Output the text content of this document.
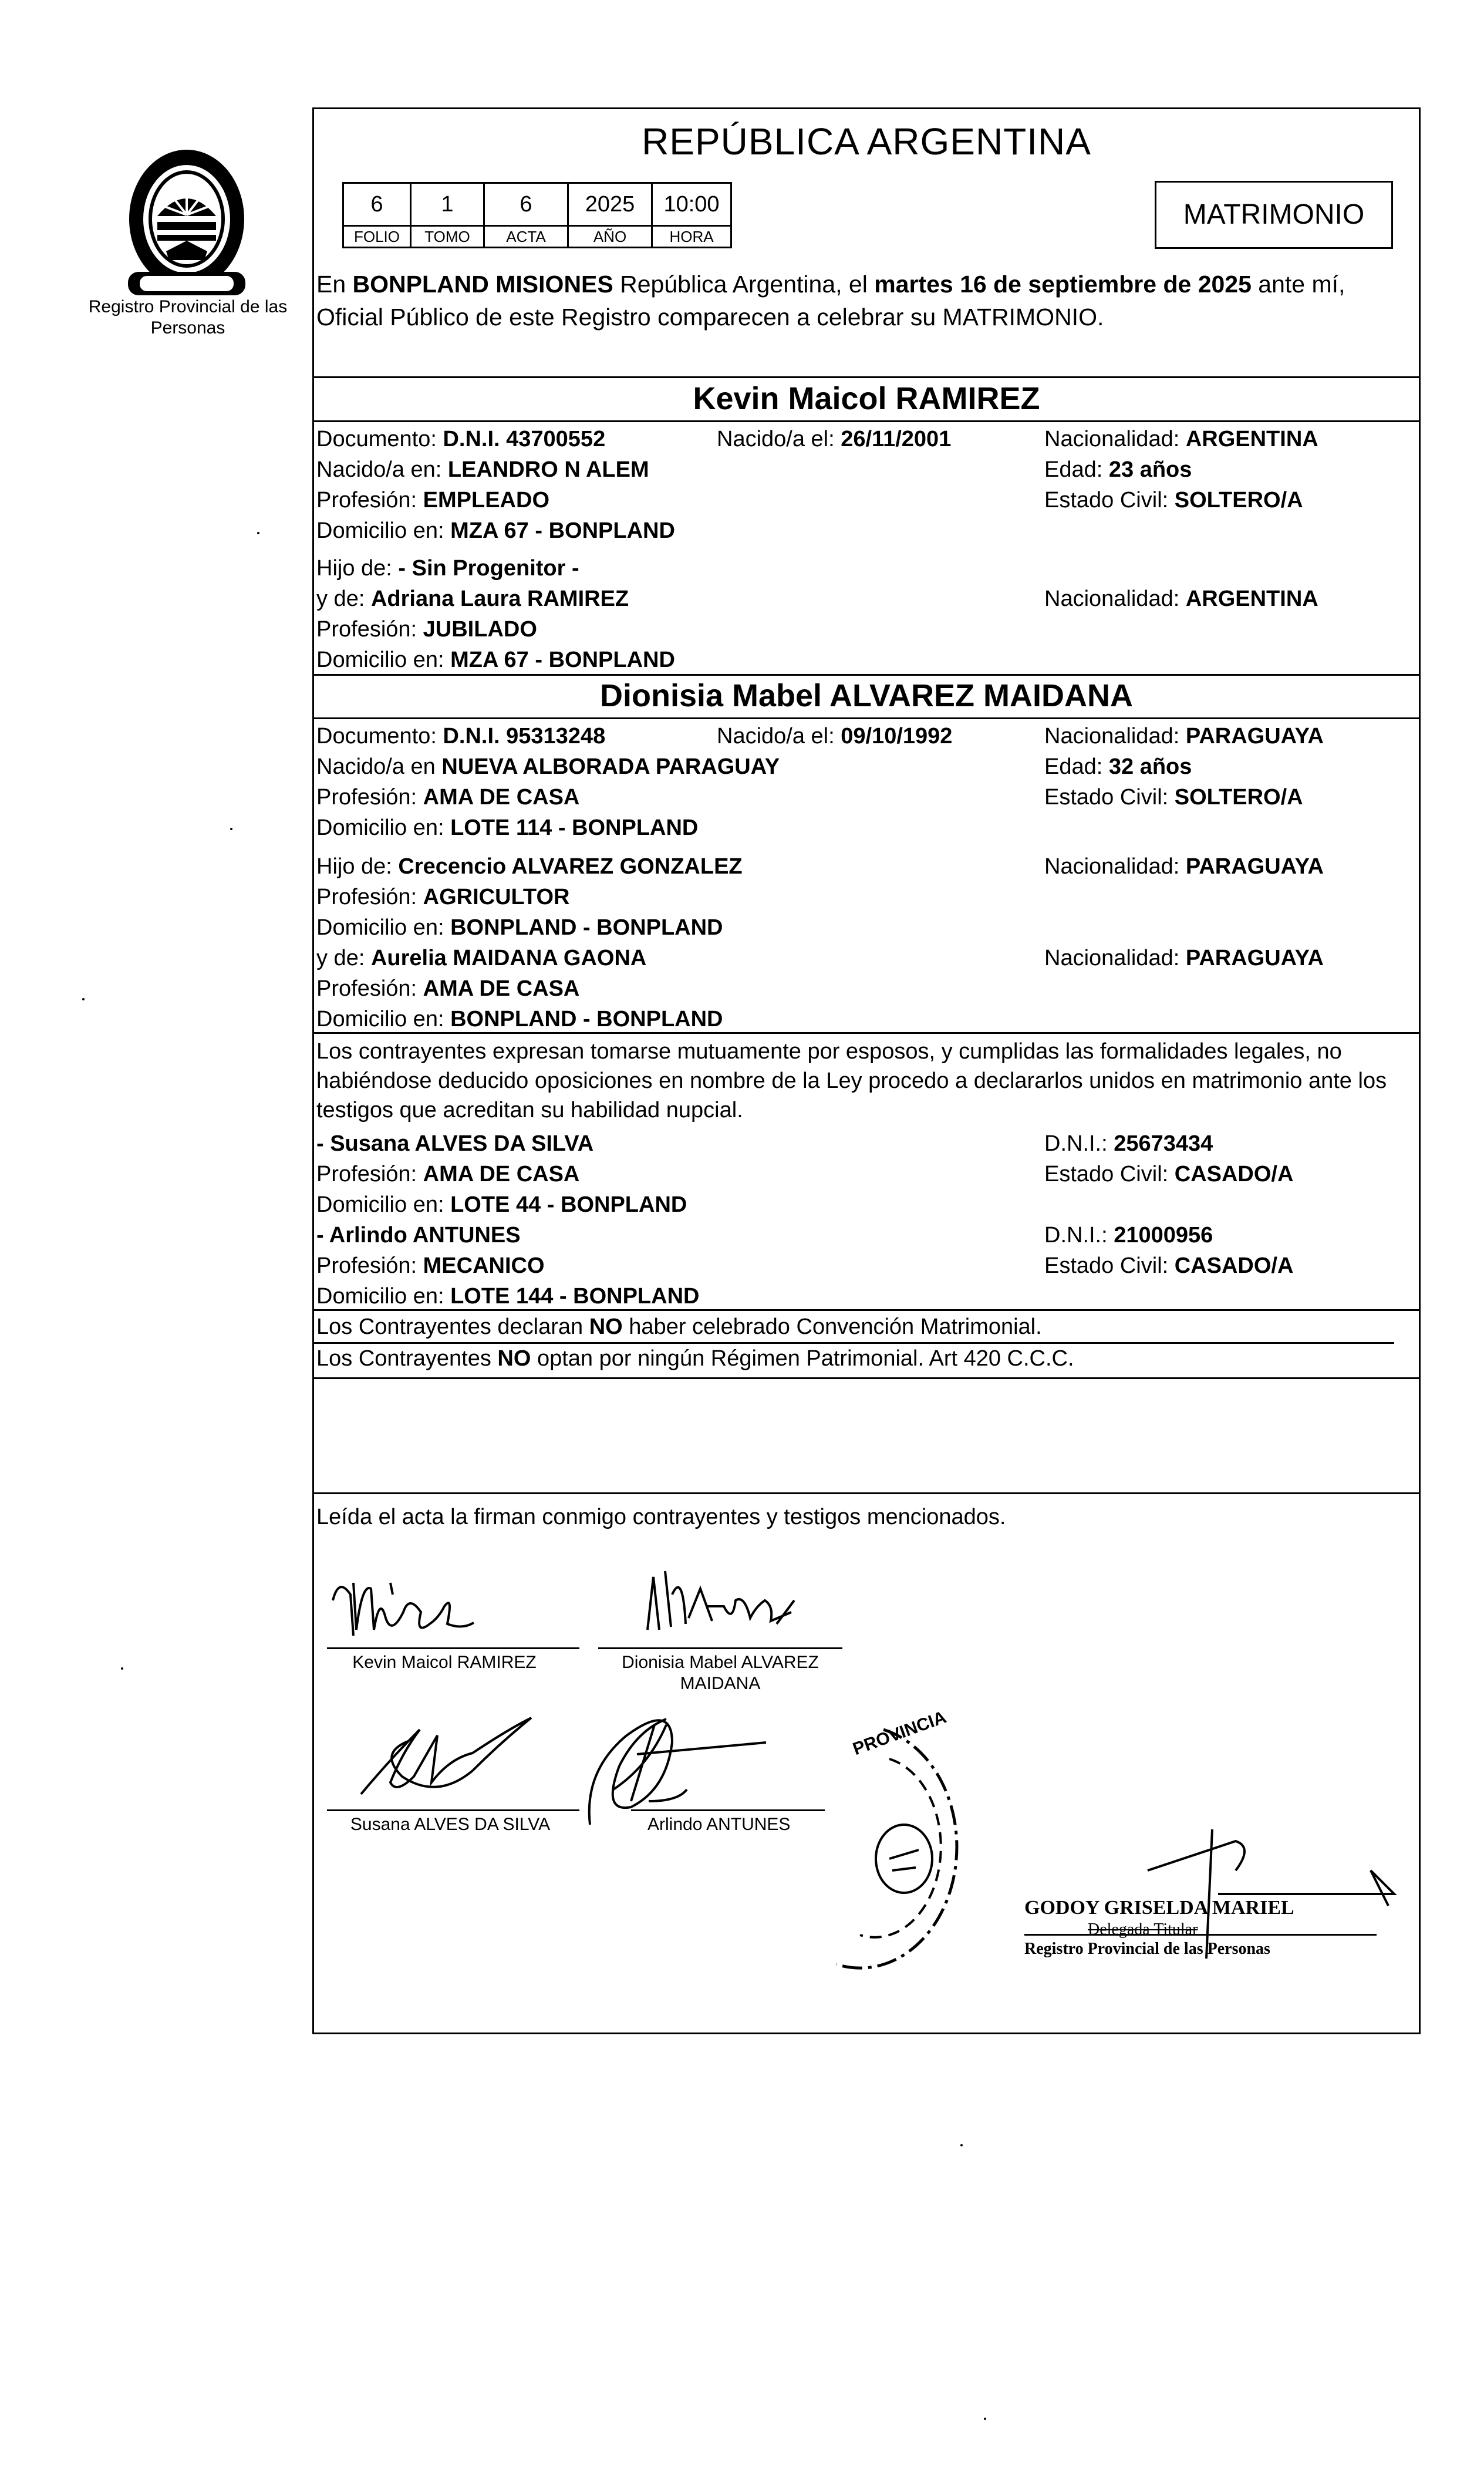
Registro Provincial de las Personas
REPÚBLICA ARGENTINA
6	1	6	2025	10:00
FOLIO	TOMO	ACTA	AÑO	HORA
MATRIMONIO
En BONPLAND MISIONES República Argentina, el martes 16 de septiembre de 2025 ante mí, Oficial Público de este Registro comparecen a celebrar su MATRIMONIO.
Kevin Maicol RAMIREZ
Documento: D.N.I. 43700552	Nacido/a el: 26/11/2001	Nacionalidad: ARGENTINA
Nacido/a en: LEANDRO N ALEM	Edad: 23 años
Profesión: EMPLEADO	Estado Civil: SOLTERO/A
Domicilio en: MZA 67 - BONPLAND
Hijo de: - Sin Progenitor -
y de: Adriana Laura RAMIREZ	Nacionalidad: ARGENTINA
Profesión: JUBILADO
Domicilio en: MZA 67 - BONPLAND
Dionisia Mabel ALVAREZ MAIDANA
Documento: D.N.I. 95313248	Nacido/a el: 09/10/1992	Nacionalidad: PARAGUAYA
Nacido/a en NUEVA ALBORADA PARAGUAY	Edad: 32 años
Profesión: AMA DE CASA	Estado Civil: SOLTERO/A
Domicilio en: LOTE 114 - BONPLAND
Hijo de: Crecencio ALVAREZ GONZALEZ	Nacionalidad: PARAGUAYA
Profesión: AGRICULTOR
Domicilio en: BONPLAND - BONPLAND
y de: Aurelia MAIDANA GAONA	Nacionalidad: PARAGUAYA
Profesión: AMA DE CASA
Domicilio en: BONPLAND - BONPLAND
Los contrayentes expresan tomarse mutuamente por esposos, y cumplidas las formalidades legales, no habiéndose deducido oposiciones en nombre de la Ley procedo a declararlos unidos en matrimonio ante los testigos que acreditan su habilidad nupcial.
- Susana ALVES DA SILVA	D.N.I.: 25673434
Profesión: AMA DE CASA	Estado Civil: CASADO/A
Domicilio en: LOTE 44 - BONPLAND
- Arlindo ANTUNES	D.N.I.: 21000956
Profesión: MECANICO	Estado Civil: CASADO/A
Domicilio en: LOTE 144 - BONPLAND
Los Contrayentes declaran NO haber celebrado Convención Matrimonial.
Los Contrayentes NO optan por ningún Régimen Patrimonial. Art 420 C.C.C.
Leída el acta la firman conmigo contrayentes y testigos mencionados.
Kevin Maicol RAMIREZ	Dionisia Mabel ALVAREZ
MAIDANA
Susana ALVES DA SILVA	Arlindo ANTUNES
PROVINCIA
GODOY GRISELDA MARIEL
Delegada Titular
Registro Provincial de las Personas
